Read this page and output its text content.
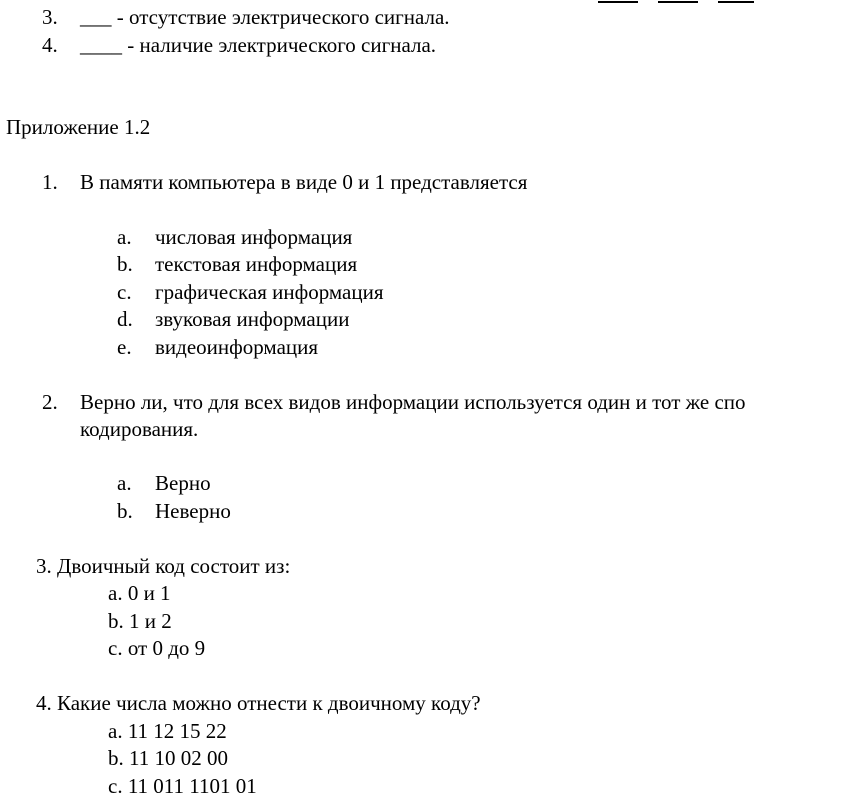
3. ___ - отсутствие электрического сигнала.
4. ____ - наличие электрического сигнала.
Приложение 1.2
1. В памяти компьютера в виде 0 и 1 представляется
a. числовая информация
b. текстовая информация
c. графическая информация
d. звуковая информации
e. видеоинформация
2. Верно ли, что для всех видов информации используется один и тот же спо
кодирования.
a. Верно
b. Неверно
3. Двоичный код состоит из:
a. 0 и 1
b. 1 и 2
c. от 0 до 9
4. Какие числа можно отнести к двоичному коду?
a. 11 12 15 22
b. 11 10 02 00
c. 11 011 1101 01
